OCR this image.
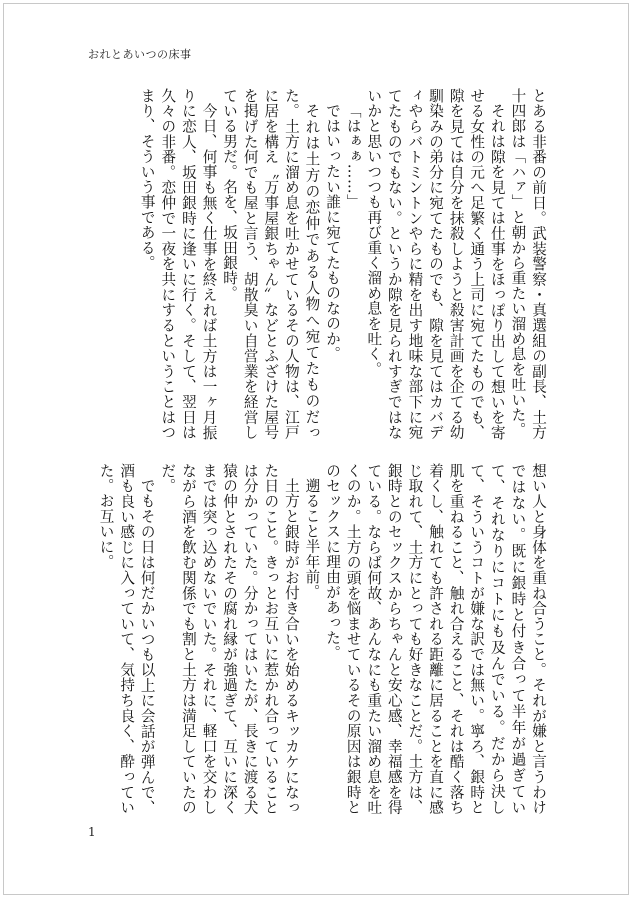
おれとあいつの床事

とある非番の前日。武装警察・真選組の副長、土方十四郎は「ハァ」と朝から重たい溜め息を吐いた。

それは隙を見ては仕事をほっぽり出して想いを寄せる女性の元へ足繁く通う上司に宛てたものでも、隙を見ては自分を抹殺しようと殺害計画を企てる幼馴染みの弟分に宛てたものでも、隙を見てはカバディやらバトミントンやらに精を出す地味な部下に宛てたものでもない。というか隙を見られすぎではないかと思いつつも再び重く溜め息を吐く。

「はぁぁ……」

ではいったい誰に宛てたものなのか。

それは土方の恋仲である人物へ宛てたものだった。土方に溜め息を吐かせているその人物は、江戸に居を構え〝万事屋銀ちゃん〟などとふざけた屋号を掲げた何でも屋と言う、胡散臭い自営業を経営している男だ。名を、坂田銀時。

今日、何事も無く仕事を終えれば土方は一ヶ月振りに恋人、坂田銀時に逢いに行く。そして、翌日は久々の非番。恋仲で一夜を共にするということはつまり、そういう事である。

想い人と身体を重ね合うこと。それが嫌と言うわけではない。既に銀時と付き合って半年が過ぎていて、それなりにコトにも及んでいる。だから決して、そういうコトが嫌な訳では無い。寧ろ、銀時と肌を重ねること、触れ合えること、それは酷く落ち着くし、触れても許される距離に居ることを直に感じ取れて、土方にとっても好きなことだ。土方は、銀時とのセックスからちゃんと安心感、幸福感を得ている。ならば何故、あんなにも重たい溜め息を吐くのか。土方の頭を悩ませているその原因は銀時とのセックスに理由があった。

遡ること半年前。

土方と銀時がお付き合いを始めるキッカケになった日のこと。きっとお互いに惹かれ合っていることは分かっていた。分かってはいたが、長きに渡る犬猿の仲とされたその腐れ縁が強過ぎて、互いに深くまでは突っ込めないでいた。それに、軽口を交わしながら酒を飲む関係でも割と土方は満足していたのだ。

でもその日は何だかいつも以上に会話が弾んで、酒も良い感じに入っていて、気持ち良く、酔っていた。お互いに。

1
